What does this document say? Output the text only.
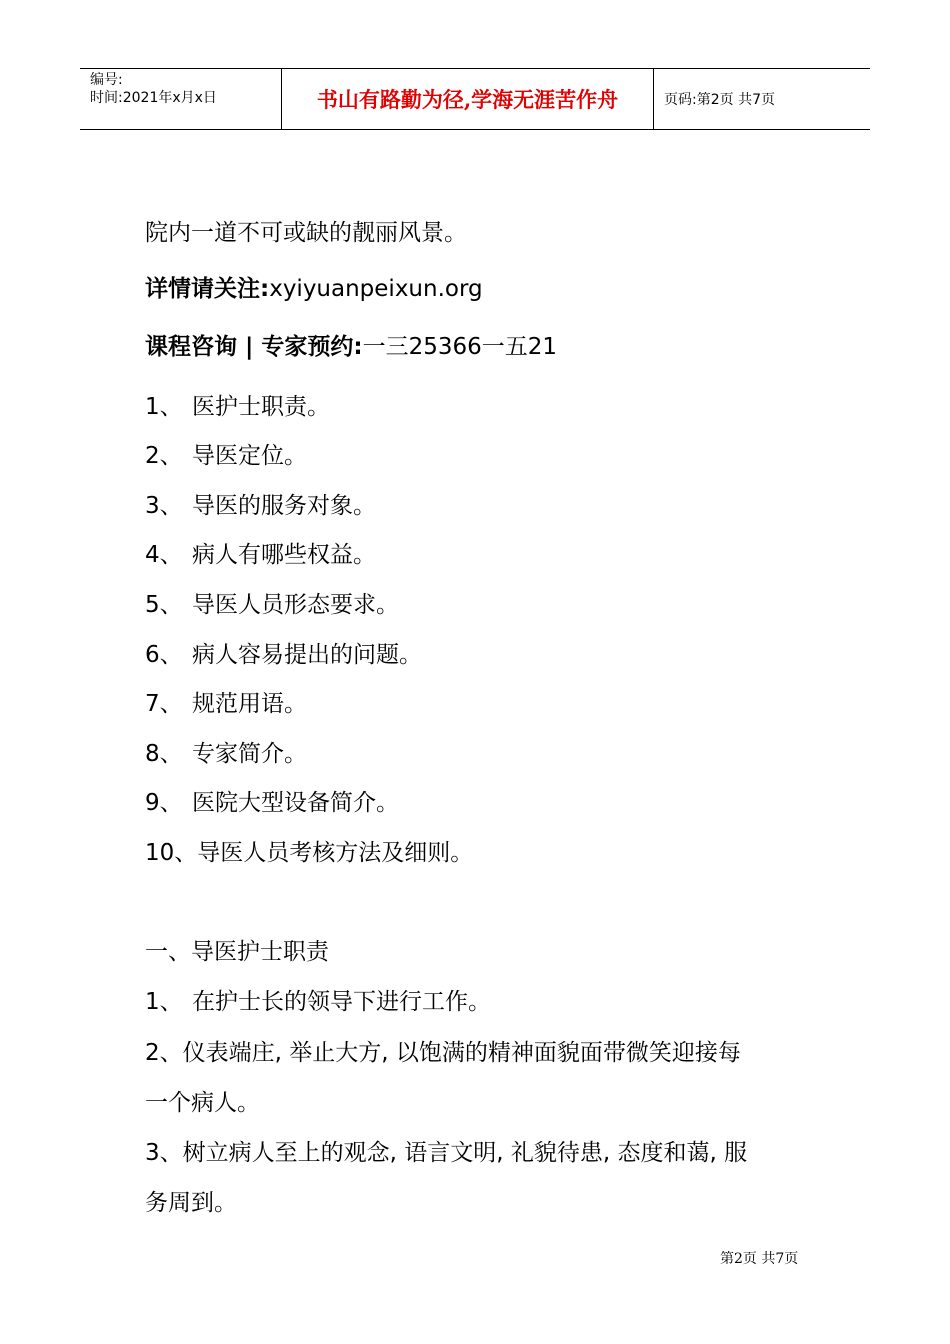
编号:
时间:2021年x月x日	书山有路勤为径,学海无涯苦作舟	页码:第2页 共7页
院内一道不可或缺的靓丽风景。
详情请关注:xyiyuanpeixun.org
课程咨询 | 专家预约:一三25366一五21
1、 医护士职责。
2、 导医定位。
3、 导医的服务对象。
4、 病人有哪些权益。
5、 导医人员形态要求。
6、 病人容易提出的问题。
7、 规范用语。
8、 专家简介。
9、 医院大型设备简介。
10、导医人员考核方法及细则。
一、导医护士职责
1、 在护士长的领导下进行工作。
2、仪表端庄, 举止大方, 以饱满的精神面貌面带微笑迎接每
一个病人。
3、树立病人至上的观念, 语言文明, 礼貌待患, 态度和蔼, 服
务周到。
第2页 共7页
